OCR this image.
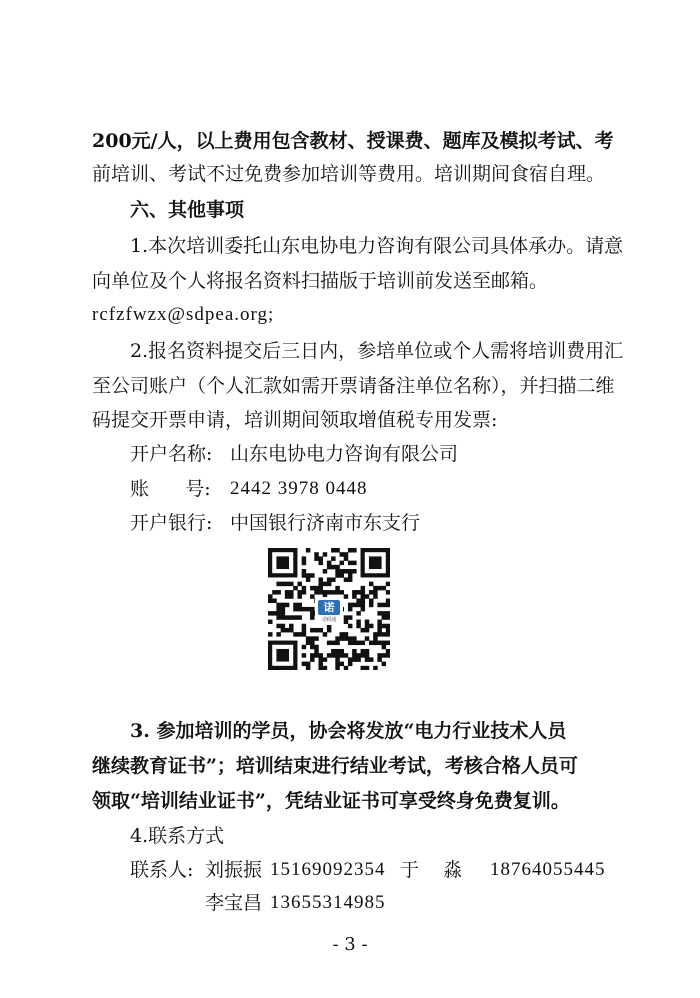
200元/人，以上费用包含教材、授课费、题库及模拟考试、考
前培训、考试不过免费参加培训等费用。培训期间食宿自理。
六、其他事项
1.本次培训委托山东电协电力咨询有限公司具体承办。请意
向单位及个人将报名资料扫描版于培训前发送至邮箱。
rcfzfwzx@sdpea.org;
2.报名资料提交后三日内，参培单位或个人需将培训费用汇
至公司账户（个人汇款如需开票请备注单位名称），并扫描二维
码提交开票申请，培训期间领取增值税专用发票:
开户名称: 山东电协电力咨询有限公司
账      号: 2442 3978 0448
开户银行: 中国银行济南市东支行
诺
诺税通
3. 参加培训的学员，协会将发放“电力行业技术人员
继续教育证书”；培训结束进行结业考试，考核合格人员可
领取“培训结业证书”，凭结业证书可享受终身免费复训。
4.联系方式
联系人: 刘振振 15169092354 于    淼 18764055445
李宝昌 13655314985
- 3 -
